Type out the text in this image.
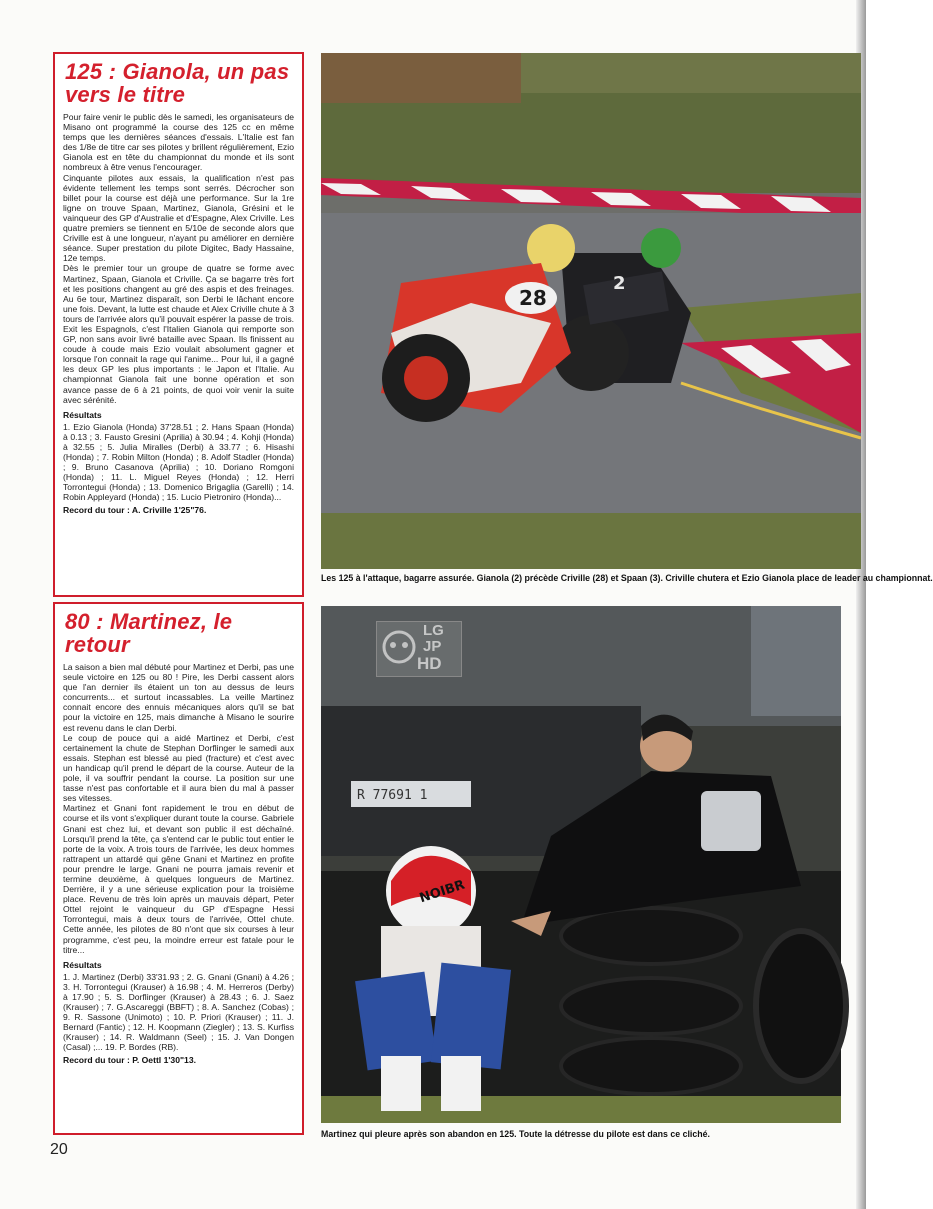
125 : Gianola, un pas vers le titre

Pour faire venir le public dès le samedi, les organisateurs de Misano ont programmé la course des 125 cc en même temps que les dernières séances d'essais. L'Italie est fan des 1/8e de titre car ses pilotes y brillent régulièrement, Ezio Gianola est en tête du championnat du monde et ils sont nombreux à être venus l'encourager.

Cinquante pilotes aux essais, la qualification n'est pas évidente tellement les temps sont serrés. Décrocher son billet pour la course est déjà une performance. Sur la 1re ligne on trouve Spaan, Martinez, Gianola, Grésini et le vainqueur des GP d'Australie et d'Espagne, Alex Criville. Les quatre premiers se tiennent en 5/10e de seconde alors que Criville est à une longueur, n'ayant pu améliorer en dernière séance. Super prestation du pilote Digitec, Bady Hassaine, 12e temps.

Dès le premier tour un groupe de quatre se forme avec Martinez, Spaan, Gianola et Criville. Ça se bagarre très fort et les positions changent au gré des aspis et des freinages. Au 6e tour, Martinez disparaît, son Derbi le lâchant encore une fois. Devant, la lutte est chaude et Alex Criville chute à 3 tours de l'arrivée alors qu'il pouvait espérer la passe de trois. Exit les Espagnols, c'est l'Italien Gianola qui remporte son GP, non sans avoir livré bataille avec Spaan. Ils finissent au coude à coude mais Ezio voulait absolument gagner et lorsque l'on connait la rage qui l'anime... Pour lui, il a gagné les deux GP les plus importants : le Japon et l'Italie. Au championnat Gianola fait une bonne opération et son avance passe de 6 à 21 points, de quoi voir venir la suite avec sérénité.

Résultats
1. Ezio Gianola (Honda) 37'28.51 ; 2. Hans Spaan (Honda) à 0.13 ; 3. Fausto Gresini (Aprilia) à 30.94 ; 4. Kohji (Honda) à 32.55 ; 5. Julia Miralles (Derbi) à 33.77 ; 6. Hisashi (Honda) ; 7. Robin Milton (Honda) ; 8. Adolf Stadler (Honda) ; 9. Bruno Casanova (Aprilia) ; 10. Doriano Romgoni (Honda) ; 11. L. Miguel Reyes (Honda) ; 12. Herri Torrontegui (Honda) ; 13. Domenico Brigaglia (Garelli) ; 14. Robin Appleyard (Honda) ; 15. Lucio Pietroniro (Honda)...
Record du tour : A. Criville 1'25"76.
80 : Martinez, le retour

La saison a bien mal débuté pour Martinez et Derbi, pas une seule victoire en 125 ou 80 ! Pire, les Derbi cassent alors que l'an dernier ils étaient un ton au dessus de leurs concurrents... et surtout incassables. La veille Martinez connait encore des ennuis mécaniques alors qu'il se bat pour la victoire en 125, mais dimanche à Misano le sourire est revenu dans le clan Derbi.

Le coup de pouce qui a aidé Martinez et Derbi, c'est certainement la chute de Stephan Dorflinger le samedi aux essais. Stephan est blessé au pied (fracture) et c'est avec un handicap qu'il prend le départ de la course. Auteur de la pole, il va souffrir pendant la course. La position sur une tasse n'est pas confortable et il aura bien du mal à passer ses vitesses.

Martinez et Gnani font rapidement le trou en début de course et ils vont s'expliquer durant toute la course. Gabriele Gnani est chez lui, et devant son public il est déchaîné. Lorsqu'il prend la tête, ça s'entend car le public tout entier le porte de la voix. A trois tours de l'arrivée, les deux hommes rattrapent un attardé qui gêne Gnani et Martinez en profite pour prendre le large. Gnani ne pourra jamais revenir et termine deuxième, à quelques longueurs de Martinez. Derrière, il y a une sérieuse explication pour la troisième place. Revenu de très loin après un mauvais départ, Peter Ottel rejoint le vainqueur du GP d'Espagne Hessi Torrontegui, mais à deux tours de l'arrivée, Ottel chute. Cette année, les pilotes de 80 n'ont que six courses à leur programme, c'est peu, la moindre erreur est fatale pour le titre...

Résultats
1. J. Martinez (Derbi) 33'31.93 ; 2. G. Gnani (Gnani) à 4.26 ; 3. H. Torrontegui (Krauser) à 16.98 ; 4. M. Herreros (Derby) à 17.90 ; 5. S. Dorflinger (Krauser) à 28.43 ; 6. J. Saez (Krauser) ; 7. G.Ascareggi (BBFT) ; 8. A. Sanchez (Cobas) ; 9. R. Sassone (Unimoto) ; 10. P. Priori (Krauser) ; 11. J. Bernard (Fantic) ; 12. H. Koopmann (Ziegler) ; 13. S. Kurfiss (Krauser) ; 14. R. Waldmann (Seel) ; 15. J. Van Dongen (Casal) ;... 19. P. Bordes (RB).
Record du tour : P. Oettl 1'30"13.
28
2
Les 125 à l'attaque, bagarre assurée. Gianola (2) précède Criville (28) et Spaan (3). Criville chutera et Ezio Gianola place de leader au championnat.
R 77691 1
NOIBR
LG
JP
HD
Martinez qui pleure après son abandon en 125. Toute la détresse du pilote est dans ce cliché.
20
